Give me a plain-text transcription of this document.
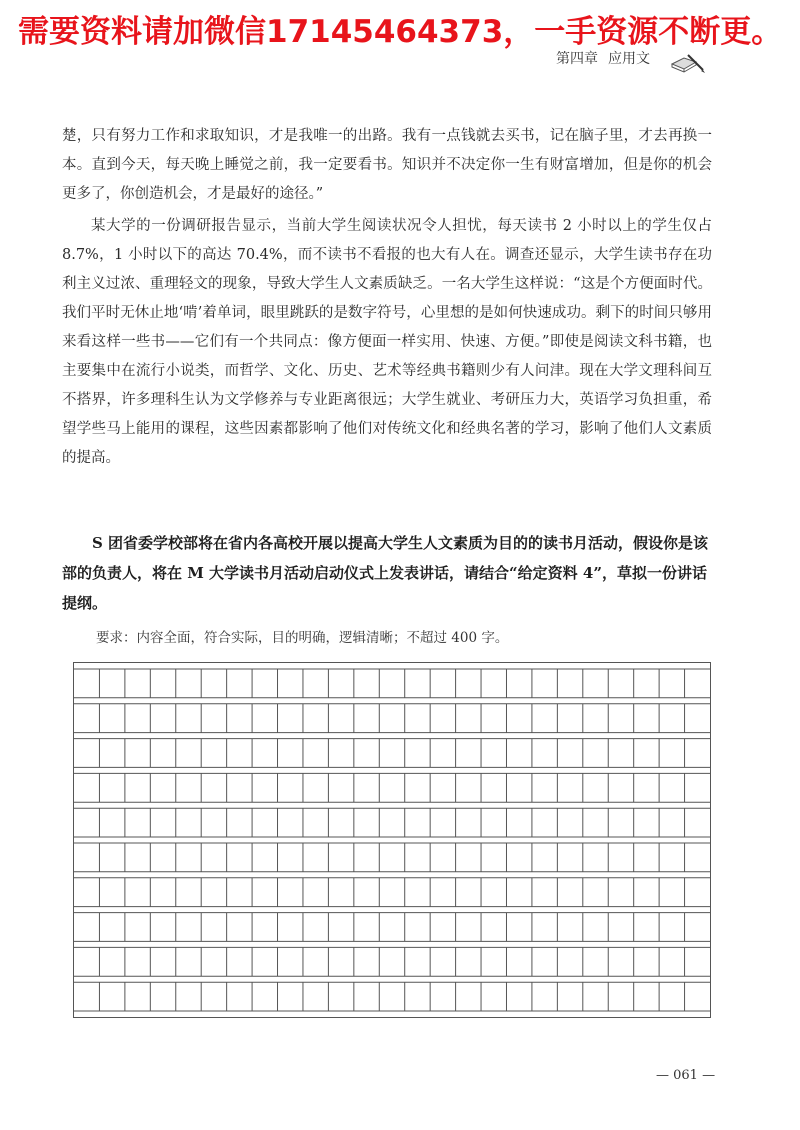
需要资料请加微信17145464373，一手资源不断更。
第四章 应用文
楚，只有努力工作和求取知识，才是我唯一的出路。我有一点钱就去买书，记在脑子里，才去再换一本。直到今天，每天晚上睡觉之前，我一定要看书。知识并不决定你一生有财富增加，但是你的机会更多了，你创造机会，才是最好的途径。”
某大学的一份调研报告显示，当前大学生阅读状况令人担忧，每天读书 2 小时以上的学生仅占 8.7%，1 小时以下的高达 70.4%，而不读书不看报的也大有人在。调查还显示，大学生读书存在功利主义过浓、重理轻文的现象，导致大学生人文素质缺乏。一名大学生这样说：“这是个方便面时代。我们平时无休止地‘啃’着单词，眼里跳跃的是数字符号，心里想的是如何快速成功。剩下的时间只够用来看这样一些书——它们有一个共同点：像方便面一样实用、快速、方便。”即使是阅读文科书籍，也主要集中在流行小说类，而哲学、文化、历史、艺术等经典书籍则少有人问津。现在大学文理科间互不搭界，许多理科生认为文学修养与专业距离很远；大学生就业、考研压力大，英语学习负担重，希望学些马上能用的课程，这些因素都影响了他们对传统文化和经典名著的学习，影响了他们人文素质的提高。
S 团省委学校部将在省内各高校开展以提高大学生人文素质为目的的读书月活动，假设你是该部的负责人，将在 M 大学读书月活动启动仪式上发表讲话，请结合“给定资料 4”，草拟一份讲话提纲。
要求：内容全面，符合实际，目的明确，逻辑清晰；不超过 400 字。
— 061 —
